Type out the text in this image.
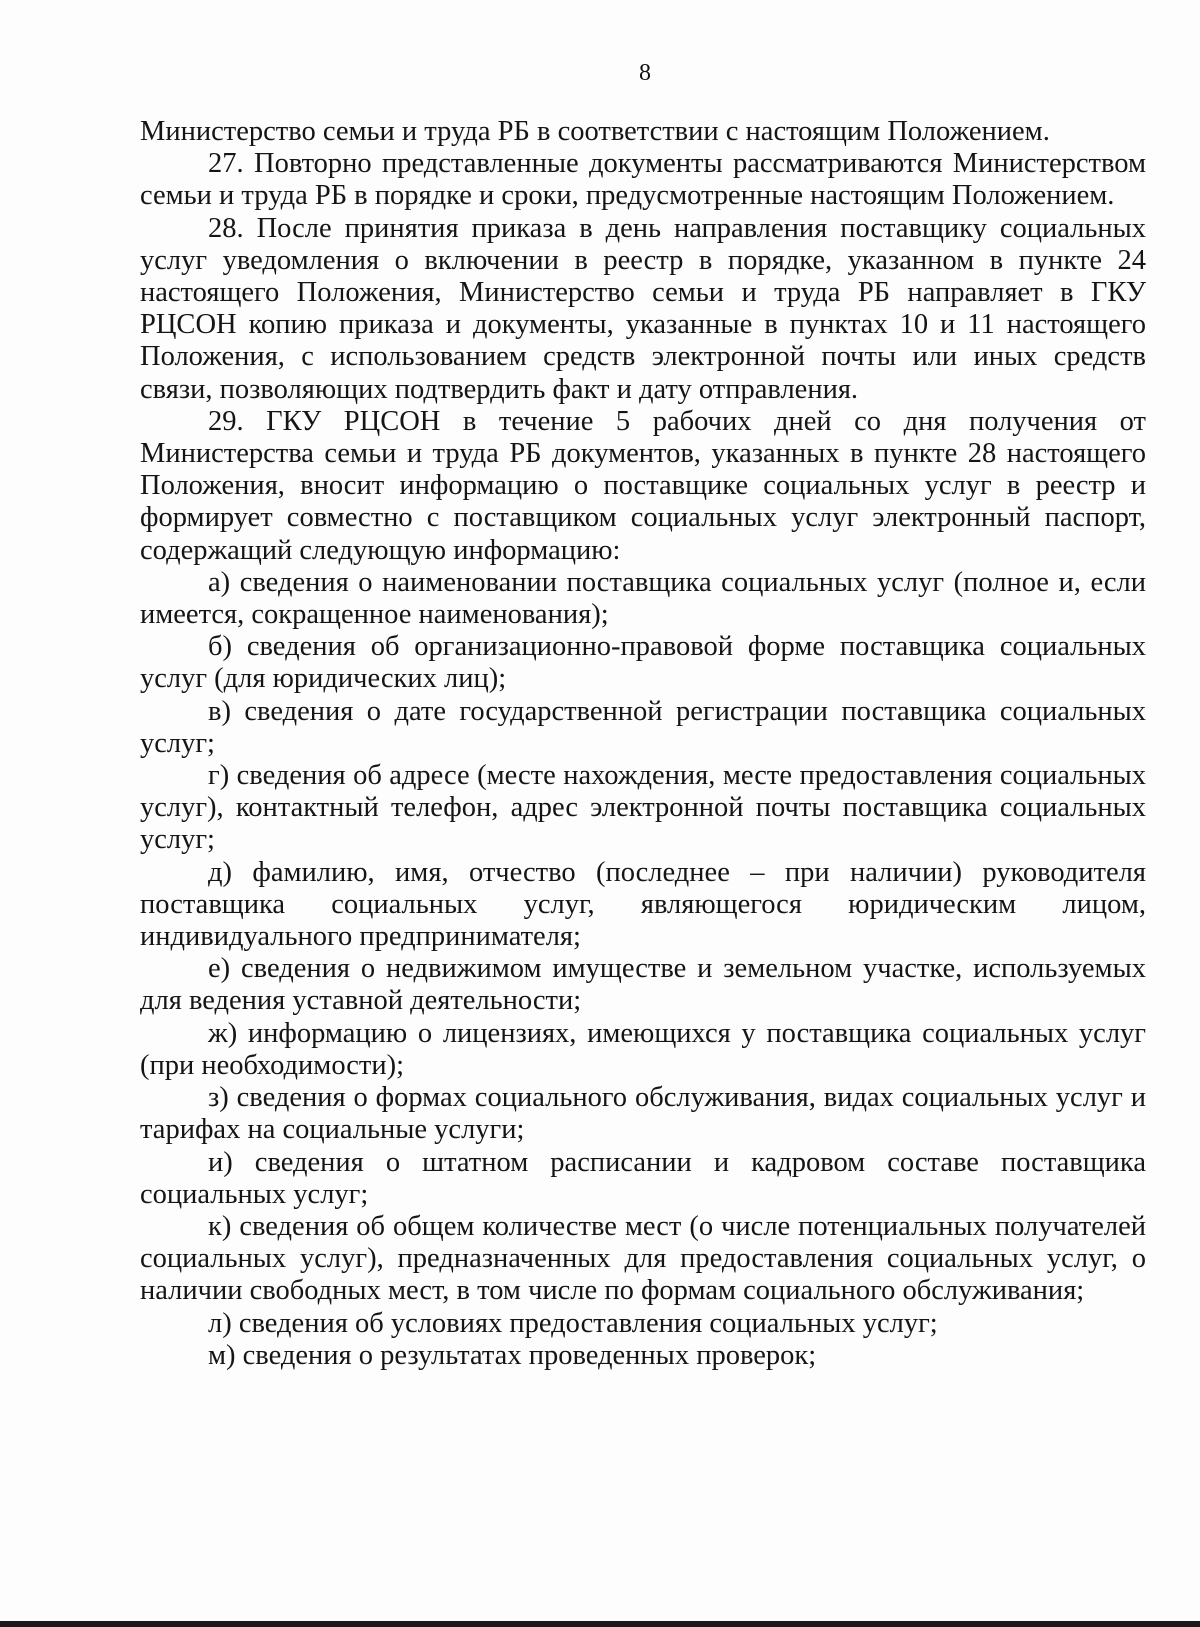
8

Министерство семьи и труда РБ в соответствии с настоящим Положением.

27. Повторно представленные документы рассматриваются Министерством семьи и труда РБ в порядке и сроки, предусмотренные настоящим Положением.

28. После принятия приказа в день направления поставщику социальных услуг уведомления о включении в реестр в порядке, указанном в пункте 24 настоящего Положения, Министерство семьи и труда РБ направляет в ГКУ РЦСОН копию приказа и документы, указанные в пунктах 10 и 11 настоящего Положения, с использованием средств электронной почты или иных средств связи, позволяющих подтвердить факт и дату отправления.

29. ГКУ РЦСОН в течение 5 рабочих дней со дня получения от Министерства семьи и труда РБ документов, указанных в пункте 28 настоящего Положения, вносит информацию о поставщике социальных услуг в реестр и формирует совместно с поставщиком социальных услуг электронный паспорт, содержащий следующую информацию:

а) сведения о наименовании поставщика социальных услуг (полное и, если имеется, сокращенное наименования);

б) сведения об организационно-правовой форме поставщика социальных услуг (для юридических лиц);

в) сведения о дате государственной регистрации поставщика социальных услуг;

г) сведения об адресе (месте нахождения, месте предоставления социальных услуг), контактный телефон, адрес электронной почты поставщика социальных услуг;

д) фамилию, имя, отчество (последнее – при наличии) руководителя поставщика социальных услуг, являющегося юридическим лицом, индивидуального предпринимателя;

е) сведения о недвижимом имуществе и земельном участке, используемых для ведения уставной деятельности;

ж) информацию о лицензиях, имеющихся у поставщика социальных услуг (при необходимости);

з) сведения о формах социального обслуживания, видах социальных услуг и тарифах на социальные услуги;

и) сведения о штатном расписании и кадровом составе поставщика социальных услуг;

к) сведения об общем количестве мест (о числе потенциальных получателей социальных услуг), предназначенных для предоставления социальных услуг, о наличии свободных мест, в том числе по формам социального обслуживания;

л) сведения об условиях предоставления социальных услуг;

м) сведения о результатах проведенных проверок;
